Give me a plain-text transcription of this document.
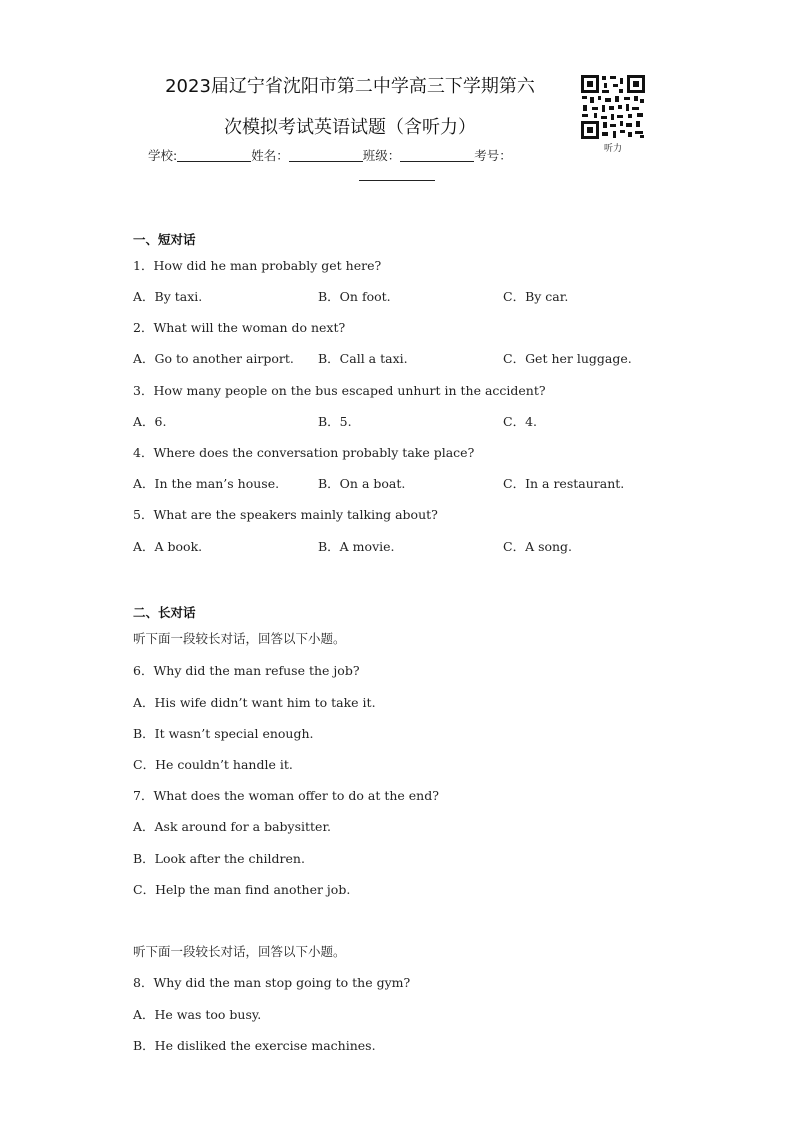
2023届辽宁省沈阳市第二中学高三下学期第六
次模拟考试英语试题（含听力）
听力
学校:	姓名：	班级：	考号：
一、短对话
1．How did he man probably get here?
A．By taxi.	B．On foot.	C．By car.
2．What will the woman do next?
A．Go to another airport. B．Call a taxi.	C．Get her luggage.
3．How many people on the bus escaped unhurt in the accident?
A．6.	B．5.	C．4.
4．Where does the conversation probably take place?
A．In the man’s house.	B．On a boat.	C．In a restaurant.
5．What are the speakers mainly talking about?
A．A book.	B．A movie.	C．A song.
二、长对话
听下面一段较长对话，回答以下小题。
6．Why did the man refuse the job?
A．His wife didn’t want him to take it.
B．It wasn’t special enough.
C．He couldn’t handle it.
7．What does the woman offer to do at the end?
A．Ask around for a babysitter.
B．Look after the children.
C．Help the man find another job.
听下面一段较长对话，回答以下小题。
8．Why did the man stop going to the gym?
A．He was too busy.
B．He disliked the exercise machines.
